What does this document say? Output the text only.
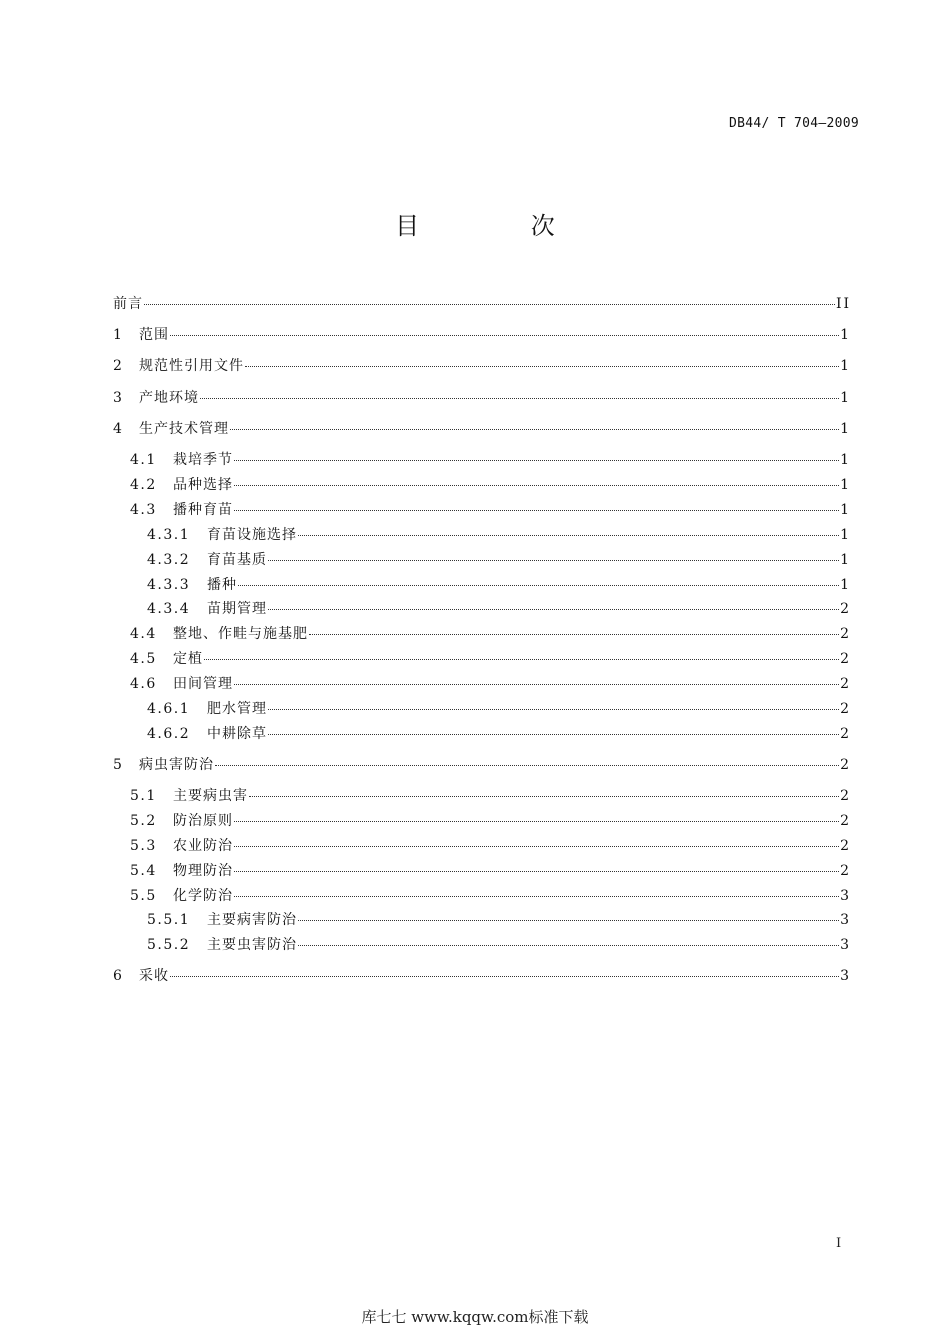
DB44/ T 704—2009
目 次
前言	II
1	范围	1
2	规范性引用文件	1
3	产地环境	1
4	生产技术管理	1
4.1	栽培季节	1
4.2	品种选择	1
4.3	播种育苗	1
4.3.1	育苗设施选择	1
4.3.2	育苗基质	1
4.3.3	播种	1
4.3.4	苗期管理	2
4.4	整地、作畦与施基肥	2
4.5	定植	2
4.6	田间管理	2
4.6.1	肥水管理	2
4.6.2	中耕除草	2
5	病虫害防治	2
5.1	主要病虫害	2
5.2	防治原则	2
5.3	农业防治	2
5.4	物理防治	2
5.5	化学防治	3
5.5.1	主要病害防治	3
5.5.2	主要虫害防治	3
6	采收	3
I
库七七 www.kqqw.com标准下载
